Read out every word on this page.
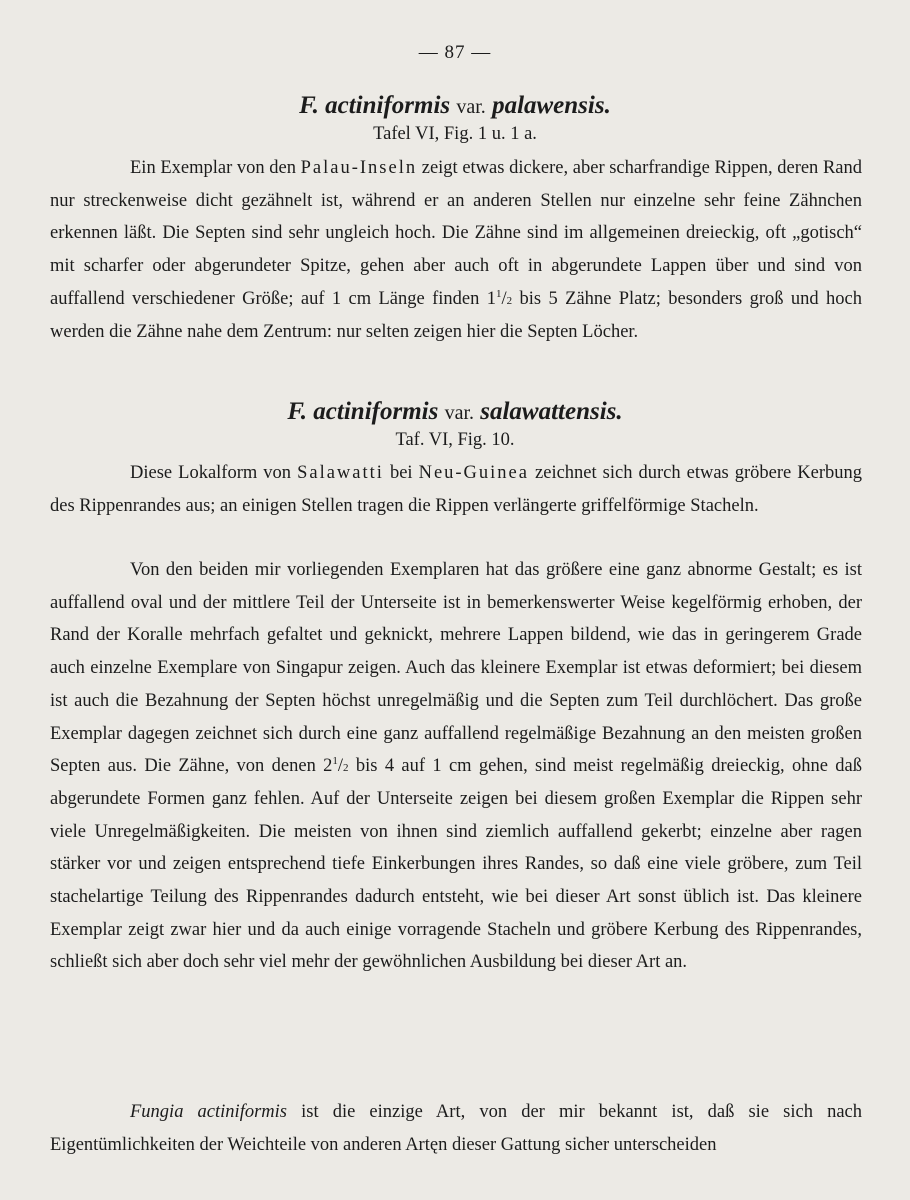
— 87 —
F. actiniformis var. palawensis.
Tafel VI, Fig. 1 u. 1 a.

Ein Exemplar von den Palau-Inseln zeigt etwas dickere, aber scharfrandige Rippen, deren Rand nur streckenweise dicht gezähnelt ist, während er an anderen Stellen nur einzelne sehr feine Zähnchen erkennen läßt. Die Septen sind sehr ungleich hoch. Die Zähne sind im allgemeinen dreieckig, oft „gotisch“ mit scharfer oder abgerundeter Spitze, gehen aber auch oft in abgerundete Lappen über und sind von auffallend verschiedener Größe; auf 1 cm Länge finden $1^1/2$ bis 5 Zähne Platz; besonders groß und hoch werden die Zähne nahe dem Zentrum: nur selten zeigen hier die Septen Löcher.

F. actiniformis var. salawattensis.
Taf. VI, Fig. 10.

Diese Lokalform von Salawatti bei Neu-Guinea zeichnet sich durch etwas gröbere Kerbung des Rippenrandes aus; an einigen Stellen tragen die Rippen verlängerte griffelförmige Stacheln.

Von den beiden mir vorliegenden Exemplaren hat das größere eine ganz abnorme Gestalt; es ist auffallend oval und der mittlere Teil der Unterseite ist in bemerkenswerter Weise kegelförmig erhoben, der Rand der Koralle mehrfach gefaltet und geknickt, mehrere Lappen bildend, wie das in geringerem Grade auch einzelne Exemplare von Singapur zeigen. Auch das kleinere Exemplar ist etwas deformiert; bei diesem ist auch die Bezahnung der Septen höchst unregelmäßig und die Septen zum Teil durchlöchert. Das große Exemplar dagegen zeichnet sich durch eine ganz auffallend regelmäßige Bezahnung an den meisten großen Septen aus. Die Zähne, von denen $2^1/2$ bis 4 auf 1 cm gehen, sind meist regelmäßig dreieckig, ohne daß abgerundete Formen ganz fehlen. Auf der Unterseite zeigen bei diesem großen Exemplar die Rippen sehr viele Unregelmäßigkeiten. Die meisten von ihnen sind ziemlich auffallend gekerbt; einzelne aber ragen stärker vor und zeigen entsprechend tiefe Einkerbungen ihres Randes, so daß eine viele gröbere, zum Teil stachelartige Teilung des Rippenrandes dadurch entsteht, wie bei dieser Art sonst üblich ist. Das kleinere Exemplar zeigt zwar hier und da auch einige vorragende Stacheln und gröbere Kerbung des Rippenrandes, schließt sich aber doch sehr viel mehr der gewöhnlichen Ausbildung bei dieser Art an.

Fungia actiniformis ist die einzige Art, von der mir bekannt ist, daß sie sich nach Eigentümlichkeiten der Weichteile von anderen Artęn dieser Gattung sicher unterscheiden
